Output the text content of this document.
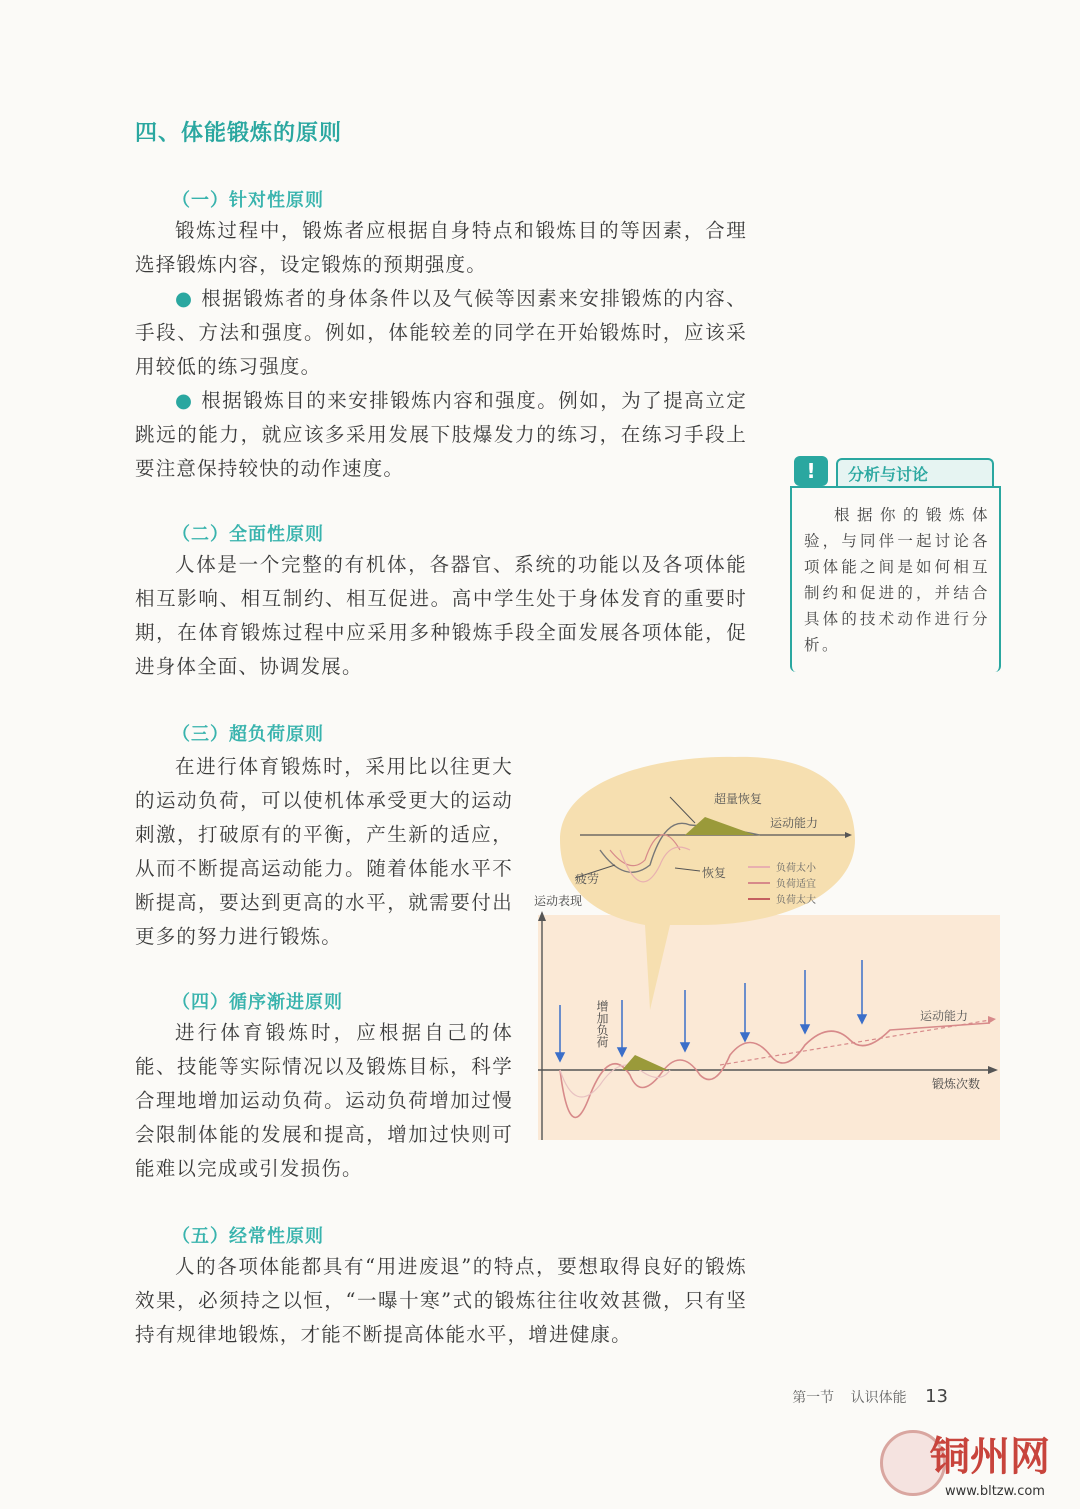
四、体能锻炼的原则
（一）针对性原则

锻炼过程中，锻炼者应根据自身特点和锻炼目的等因素，合理选择锻炼内容，设定锻炼的预期强度。

● 根据锻炼者的身体条件以及气候等因素来安排锻炼的内容、手段、方法和强度。例如，体能较差的同学在开始锻炼时，应该采用较低的练习强度。

● 根据锻炼目的来安排锻炼内容和强度。例如，为了提高立定跳远的能力，就应该多采用发展下肢爆发力的练习，在练习手段上要注意保持较快的动作速度。	!	分析与讨论
根据你的锻炼体验，与同伴一起讨论各项体能之间是如何相互制约和促进的，并结合具体的技术动作进行分析。
（二）全面性原则

人体是一个完整的有机体，各器官、系统的功能以及各项体能相互影响、相互制约、相互促进。高中学生处于身体发育的重要时期，在体育锻炼过程中应采用多种锻炼手段全面发展各项体能，促进身体全面、协调发展。

（三）超负荷原则

在进行体育锻炼时，采用比以往更大的运动负荷，可以使机体承受更大的运动刺激，打破原有的平衡，产生新的适应，从而不断提高运动能力。随着体能水平不断提高，要达到更高的水平，就需要付出更多的努力进行锻炼。

（四）循序渐进原则

进行体育锻炼时，应根据自己的体能、技能等实际情况以及锻炼目标，科学合理地增加运动负荷。运动负荷增加过慢会限制体能的发展和提高，增加过快则可能难以完成或引发损伤。

（五）经常性原则

人的各项体能都具有“用进废退”的特点，要想取得良好的锻炼效果，必须持之以恒，“一曝十寒”式的锻炼往往收效甚微，只有坚持有规律地锻炼，才能不断提高体能水平，增进健康。

超量恢复
运动能力
疲劳	恢复	负荷太小
负荷适宜
负荷太大
运动表现
锻炼次数
运动能力
增加负荷
第一节 认识体能 13
铜州网
www.bltzw.com
